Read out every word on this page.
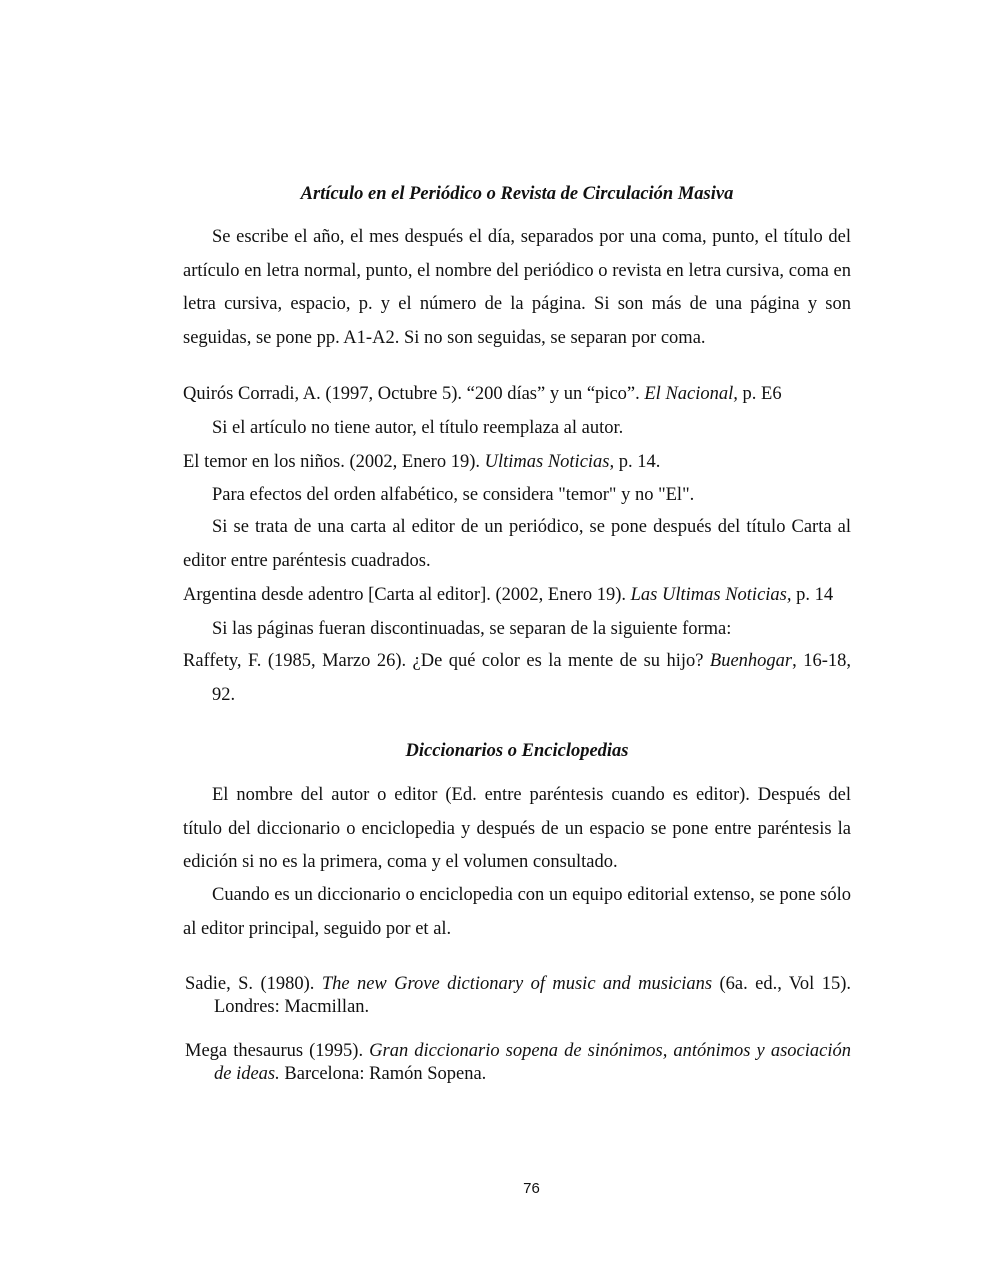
Artículo en el Periódico o Revista de Circulación Masiva

Se escribe el año, el mes después el día, separados por una coma, punto, el título del artículo en letra normal, punto, el nombre del periódico o revista en letra cursiva, coma en letra cursiva, espacio, p. y el número de la página. Si son más de una página y son seguidas, se pone pp. A1-A2. Si no son seguidas, se separan por coma.

Quirós Corradi, A. (1997, Octubre 5). “200 días” y un “pico”. El Nacional, p. E6

Si el artículo no tiene autor, el título reemplaza al autor.

El temor en los niños. (2002, Enero 19). Ultimas Noticias, p. 14.

Para efectos del orden alfabético, se considera "temor" y no "El".

Si se trata de una carta al editor de un periódico, se pone después del título Carta al editor entre paréntesis cuadrados.

Argentina desde adentro [Carta al editor]. (2002, Enero 19). Las Ultimas Noticias, p. 14

Si las páginas fueran discontinuadas, se separan de la siguiente forma:

Raffety, F. (1985, Marzo 26). ¿De qué color es la mente de su hijo? Buenhogar, 16-18, 92.

Diccionarios o Enciclopedias

El nombre del autor o editor (Ed. entre paréntesis cuando es editor). Después del título del diccionario o enciclopedia y después de un espacio se pone entre paréntesis la edición si no es la primera, coma y el volumen consultado.

Cuando es un diccionario o enciclopedia con un equipo editorial extenso, se pone sólo al editor principal, seguido por et al.

Sadie, S. (1980). The new Grove dictionary of music and musicians (6a. ed., Vol 15). Londres: Macmillan.

Mega thesaurus (1995). Gran diccionario sopena de sinónimos, antónimos y asociación de ideas. Barcelona: Ramón Sopena.

76
